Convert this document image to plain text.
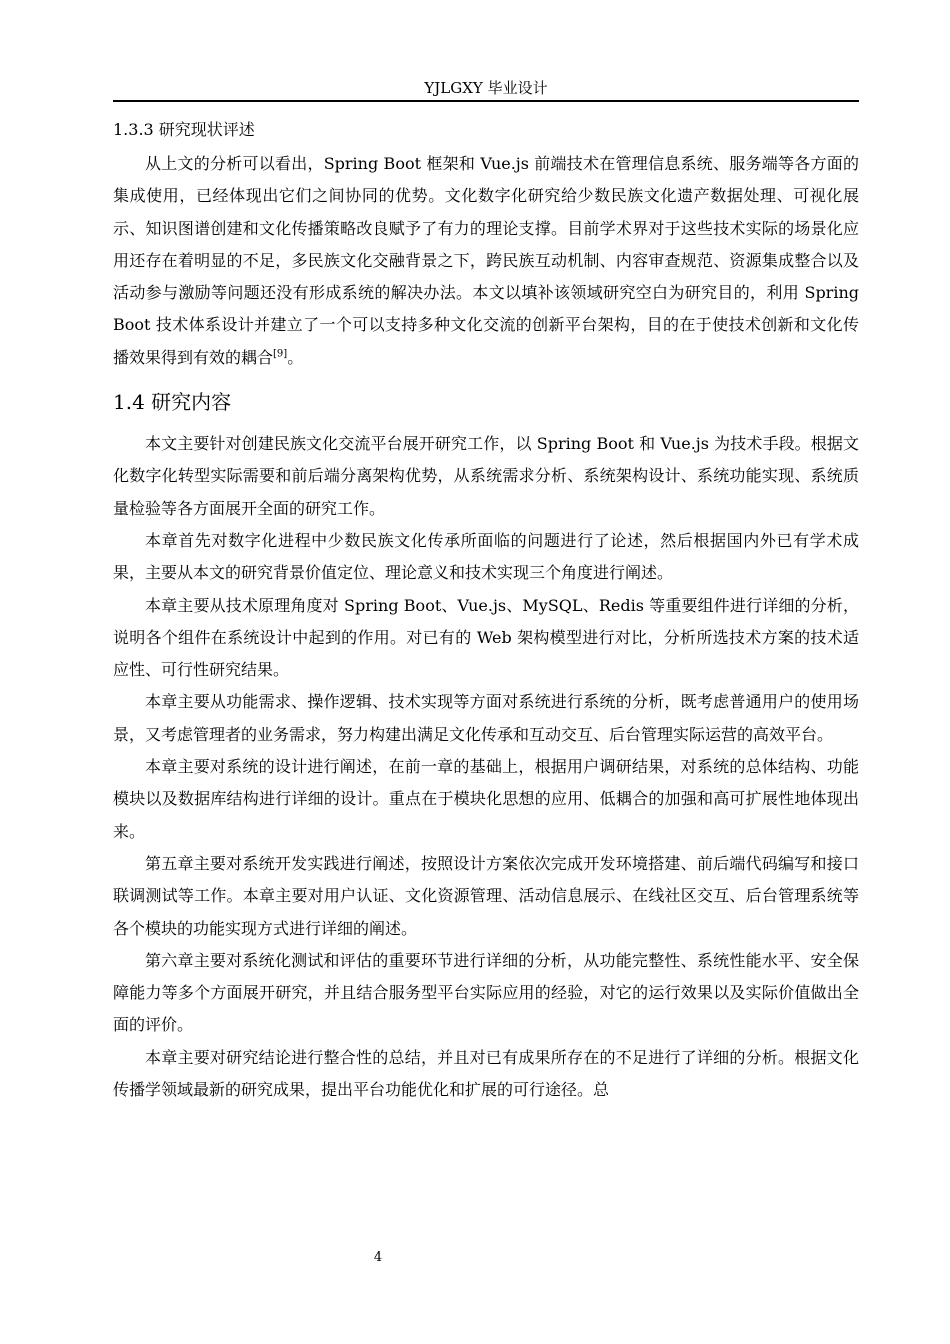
YJLGXY 毕业设计
1.3.3 研究现状评述

从上文的分析可以看出，Spring Boot 框架和 Vue.js 前端技术在管理信息系统、服务端等各方面的集成使用，已经体现出它们之间协同的优势。文化数字化研究给少数民族文化遗产数据处理、可视化展示、知识图谱创建和文化传播策略改良赋予了有力的理论支撑。目前学术界对于这些技术实际的场景化应用还存在着明显的不足，多民族文化交融背景之下，跨民族互动机制、内容审查规范、资源集成整合以及活动参与激励等问题还没有形成系统的解决办法。本文以填补该领域研究空白为研究目的，利用 Spring Boot 技术体系设计并建立了一个可以支持多种文化交流的创新平台架构，目的在于使技术创新和文化传播效果得到有效的耦合[9]。

1.4 研究内容

本文主要针对创建民族文化交流平台展开研究工作，以 Spring Boot 和 Vue.js 为技术手段。根据文化数字化转型实际需要和前后端分离架构优势，从系统需求分析、系统架构设计、系统功能实现、系统质量检验等各方面展开全面的研究工作。

本章首先对数字化进程中少数民族文化传承所面临的问题进行了论述，然后根据国内外已有学术成果，主要从本文的研究背景价值定位、理论意义和技术实现三个角度进行阐述。

本章主要从技术原理角度对 Spring Boot、Vue.js、MySQL、Redis 等重要组件进行详细的分析，说明各个组件在系统设计中起到的作用。对已有的 Web 架构模型进行对比，分析所选技术方案的技术适应性、可行性研究结果。

本章主要从功能需求、操作逻辑、技术实现等方面对系统进行系统的分析，既考虑普通用户的使用场景，又考虑管理者的业务需求，努力构建出满足文化传承和互动交互、后台管理实际运营的高效平台。

本章主要对系统的设计进行阐述，在前一章的基础上，根据用户调研结果，对系统的总体结构、功能模块以及数据库结构进行详细的设计。重点在于模块化思想的应用、低耦合的加强和高可扩展性地体现出来。

第五章主要对系统开发实践进行阐述，按照设计方案依次完成开发环境搭建、前后端代码编写和接口联调测试等工作。本章主要对用户认证、文化资源管理、活动信息展示、在线社区交互、后台管理系统等各个模块的功能实现方式进行详细的阐述。

第六章主要对系统化测试和评估的重要环节进行详细的分析，从功能完整性、系统性能水平、安全保障能力等多个方面展开研究，并且结合服务型平台实际应用的经验，对它的运行效果以及实际价值做出全面的评价。

本章主要对研究结论进行整合性的总结，并且对已有成果所存在的不足进行了详细的分析。根据文化传播学领域最新的研究成果，提出平台功能优化和扩展的可行途径。总

4
